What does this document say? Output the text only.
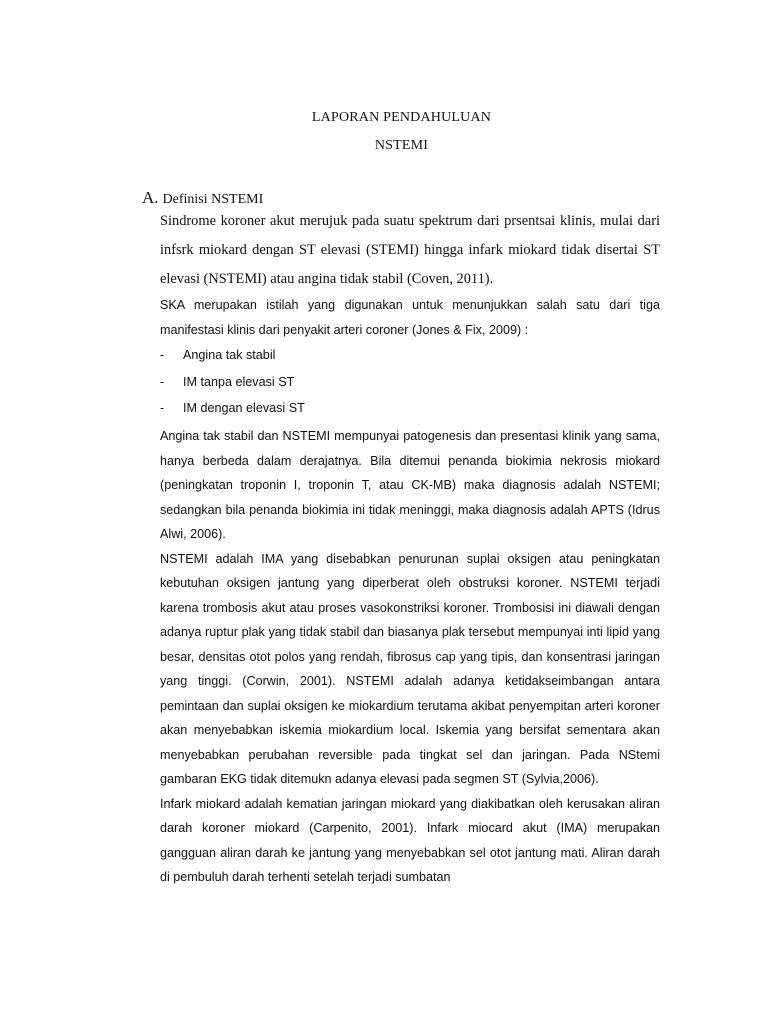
LAPORAN PENDAHULUAN
NSTEMI
A. Definisi NSTEMI

Sindrome koroner akut merujuk pada suatu spektrum dari prsentsai klinis, mulai dari infsrk miokard dengan ST elevasi (STEMI) hingga infark miokard tidak disertai ST elevasi (NSTEMI) atau angina tidak stabil (Coven, 2011).

SKA merupakan istilah yang digunakan untuk menunjukkan salah satu dari tiga manifestasi klinis dari penyakit arteri coroner (Jones & Fix, 2009) :

- Angina tak stabil
- IM tanpa elevasi ST
- IM dengan elevasi ST

Angina tak stabil dan NSTEMI mempunyai patogenesis dan presentasi klinik yang sama, hanya berbeda dalam derajatnya. Bila ditemui penanda biokimia nekrosis miokard (peningkatan troponin I, troponin T, atau CK-MB) maka diagnosis adalah NSTEMI; sedangkan bila penanda biokimia ini tidak meninggi, maka diagnosis adalah APTS (Idrus Alwi, 2006).

NSTEMI adalah IMA yang disebabkan penurunan suplai oksigen atau peningkatan kebutuhan oksigen jantung yang diperberat oleh obstruksi koroner. NSTEMI terjadi karena trombosis akut atau proses vasokonstriksi koroner. Trombosisi ini diawali dengan adanya ruptur plak yang tidak stabil dan biasanya plak tersebut mempunyai inti lipid yang besar, densitas otot polos yang rendah, fibrosus cap yang tipis, dan konsentrasi jaringan yang tinggi. (Corwin, 2001). NSTEMI adalah adanya ketidakseimbangan antara pemintaan dan suplai oksigen ke miokardium terutama akibat penyempitan arteri koroner akan menyebabkan iskemia miokardium local. Iskemia yang bersifat sementara akan menyebabkan perubahan reversible pada tingkat sel dan jaringan. Pada NStemi gambaran EKG tidak ditemukn adanya elevasi pada segmen ST (Sylvia,2006).

Infark miokard adalah kematian jaringan miokard yang diakibatkan oleh kerusakan aliran darah koroner miokard (Carpenito, 2001). Infark miocard akut (IMA) merupakan gangguan aliran darah ke jantung yang menyebabkan sel otot jantung mati. Aliran darah di pembuluh darah terhenti setelah terjadi sumbatan
